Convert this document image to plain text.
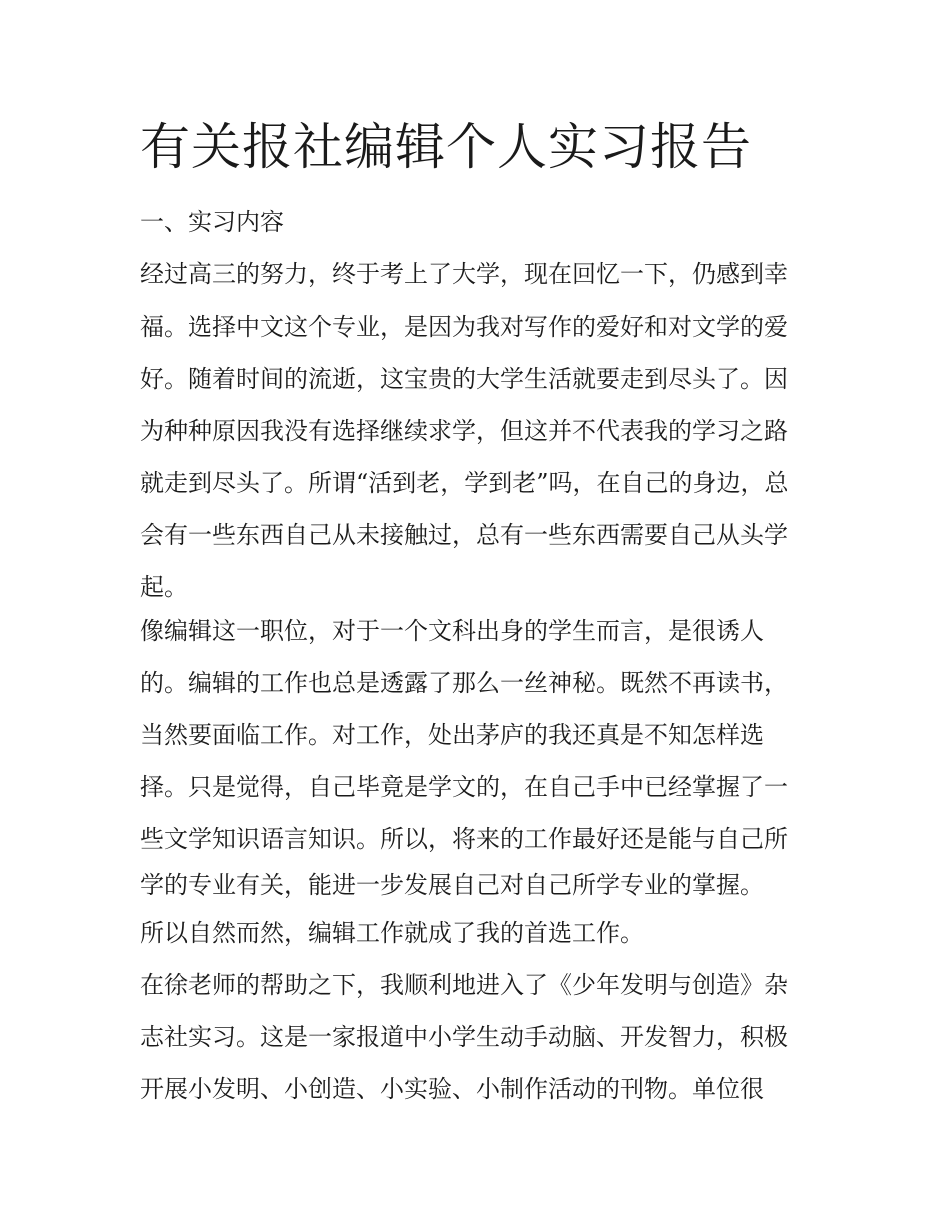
有关报社编辑个人实习报告
一、实习内容

经过高三的努力，终于考上了大学，现在回忆一下，仍感到幸

福。选择中文这个专业，是因为我对写作的爱好和对文学的爱

好。随着时间的流逝，这宝贵的大学生活就要走到尽头了。因

为种种原因我没有选择继续求学，但这并不代表我的学习之路

就走到尽头了。所谓“活到老，学到老”吗，在自己的身边，总

会有一些东西自己从未接触过，总有一些东西需要自己从头学

起。

像编辑这一职位，对于一个文科出身的学生而言，是很诱人

的。编辑的工作也总是透露了那么一丝神秘。既然不再读书，

当然要面临工作。对工作，处出茅庐的我还真是不知怎样选

择。只是觉得，自己毕竟是学文的，在自己手中已经掌握了一

些文学知识语言知识。所以，将来的工作最好还是能与自己所

学的专业有关，能进一步发展自己对自己所学专业的掌握。

所以自然而然，编辑工作就成了我的首选工作。

在徐老师的帮助之下，我顺利地进入了《少年发明与创造》杂

志社实习。这是一家报道中小学生动手动脑、开发智力，积极

开展小发明、小创造、小实验、小制作活动的刊物。单位很
